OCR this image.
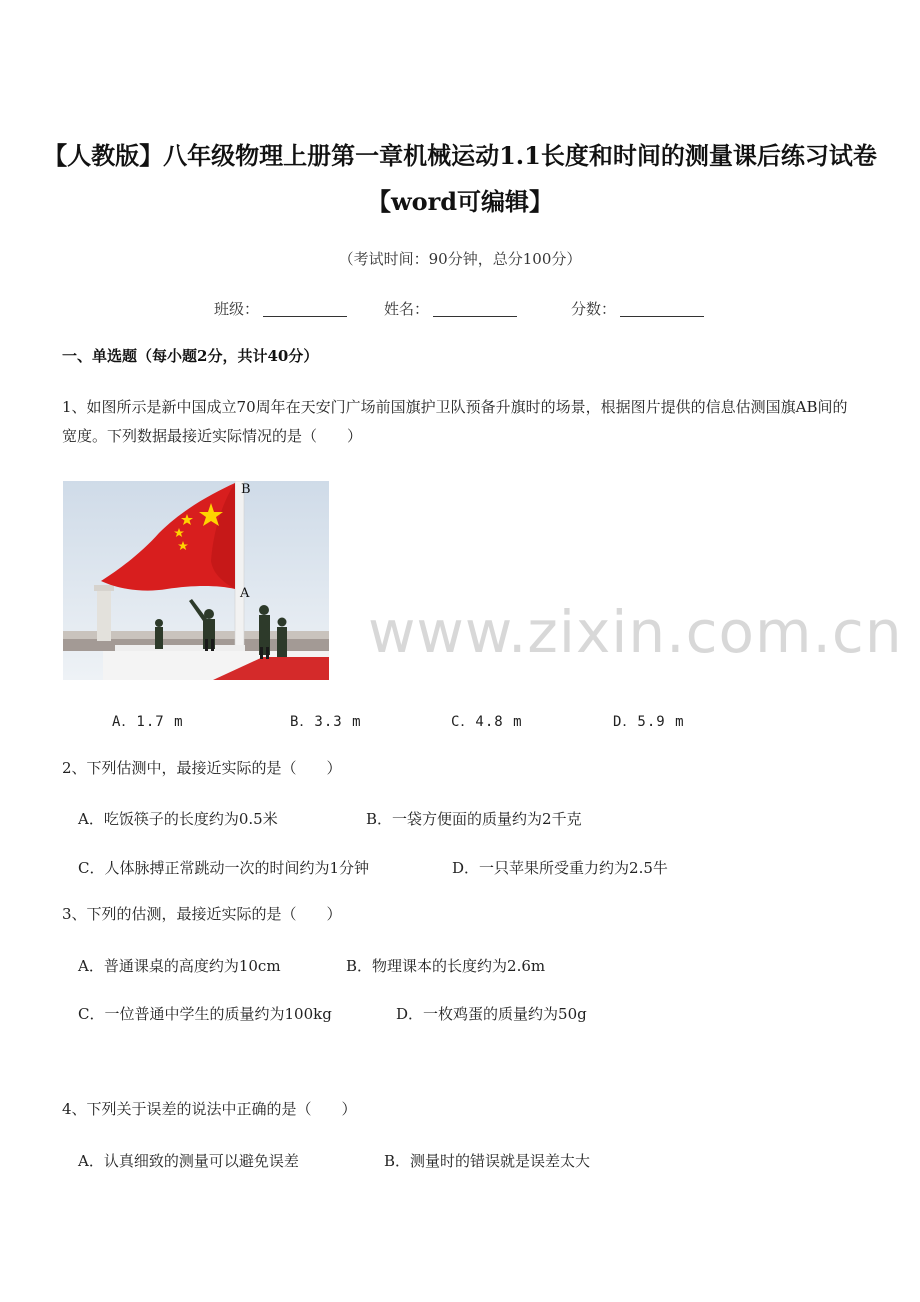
【人教版】八年级物理上册第一章机械运动1.1长度和时间的测量课后练习试卷【word可编辑】
（考试时间：90分钟，总分100分）
班级：	姓名：	分数：
一、单选题（每小题2分，共计40分）
1、如图所示是新中国成立70周年在天安门广场前国旗护卫队预备升旗时的场景，根据图片提供的信息估测国旗AB间的宽度。下列数据最接近实际情况的是（　　）
B
A
A．1.7 m	B．3.3 m	C．4.8 m	D．5.9 m
www.zixin.com.cn
2、下列估测中，最接近实际的是（　　）
A．吃饭筷子的长度约为0.5米	B．一袋方便面的质量约为2千克
C．人体脉搏正常跳动一次的时间约为1分钟	D．一只苹果所受重力约为2.5牛
3、下列的估测，最接近实际的是（　　）
A．普通课桌的高度约为10cm	B．物理课本的长度约为2.6m
C．一位普通中学生的质量约为100kg	D．一枚鸡蛋的质量约为50g
4、下列关于误差的说法中正确的是（　　）
A．认真细致的测量可以避免误差	B．测量时的错误就是误差太大
